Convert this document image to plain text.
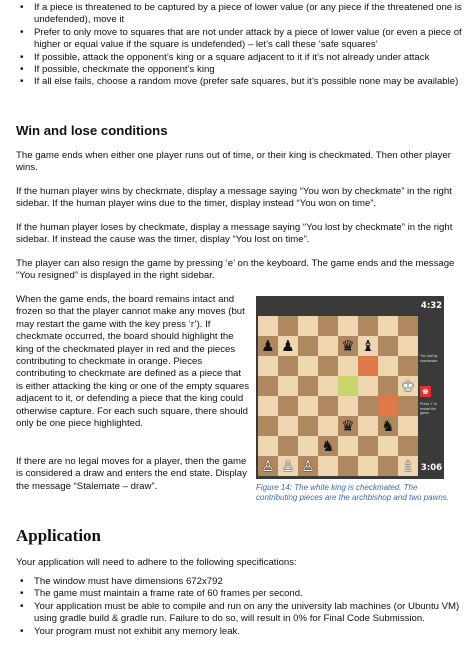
• If a piece is threatened to be captured by a piece of lower value (or any piece if the threatened one is undefended), move it
• Prefer to only move to squares that are not under attack by a piece of lower value (or even a piece of higher or equal value if the square is undefended) – let’s call these ‘safe squares’
• If possible, attack the opponent’s king or a square adjacent to it if it’s not already under attack
• If possible, checkmate the opponent’s king
• If all else fails, choose a random move (prefer safe squares, but it’s possible none may be available)
Win and lose conditions

The game ends when either one player runs out of time, or their king is checkmated. Then other player wins.

If the human player wins by checkmate, display a message saying “You won by checkmate” in the right sidebar. If the human player wins due to the timer, display instead “You won on time”.

If the human player loses by checkmate, display a message saying “You lost by checkmate” in the right sidebar. If instead the cause was the timer, display “You lost on time”.

The player can also resign the game by pressing ‘e’ on the keyboard. The game ends and the message “You resigned” is displayed in the right sidebar.

When the game ends, the board remains intact and frozen so that the player cannot make any moves (but may restart the game with the key press ‘r’). If checkmate occurred, the board should highlight the king of the checkmated player in red and the pieces contributing to checkmate in orange. Pieces contributing to checkmate are defined as a piece that is either attacking the king or one of the empty squares adjacent to it, or defending a piece that the king could otherwise capture. For each such square, there should only be one piece highlighted.

If there are no legal moves for a player, then the game is considered a draw and enters the end state. Display the message “Stalemate – draw”.

♟ ♟	♛ ♝
♚
♛ ♞
♞
♙ ♙ ♙	♗
4:32
♚
You lost by checkmate
Press 'r' to restart the game
3:06

Figure 14: The white king is checkmated. The contributing pieces are the archbishop and two pawns.

Application

Your application will need to adhere to the following specifications:

• The window must have dimensions 672x792
• The game must maintain a frame rate of 60 frames per second.
• Your application must be able to compile and run on any the university lab machines (or Ubuntu VM) using gradle build & gradle run. Failure to do so, will result in 0% for Final Code Submission.
• Your program must not exhibit any memory leak.
